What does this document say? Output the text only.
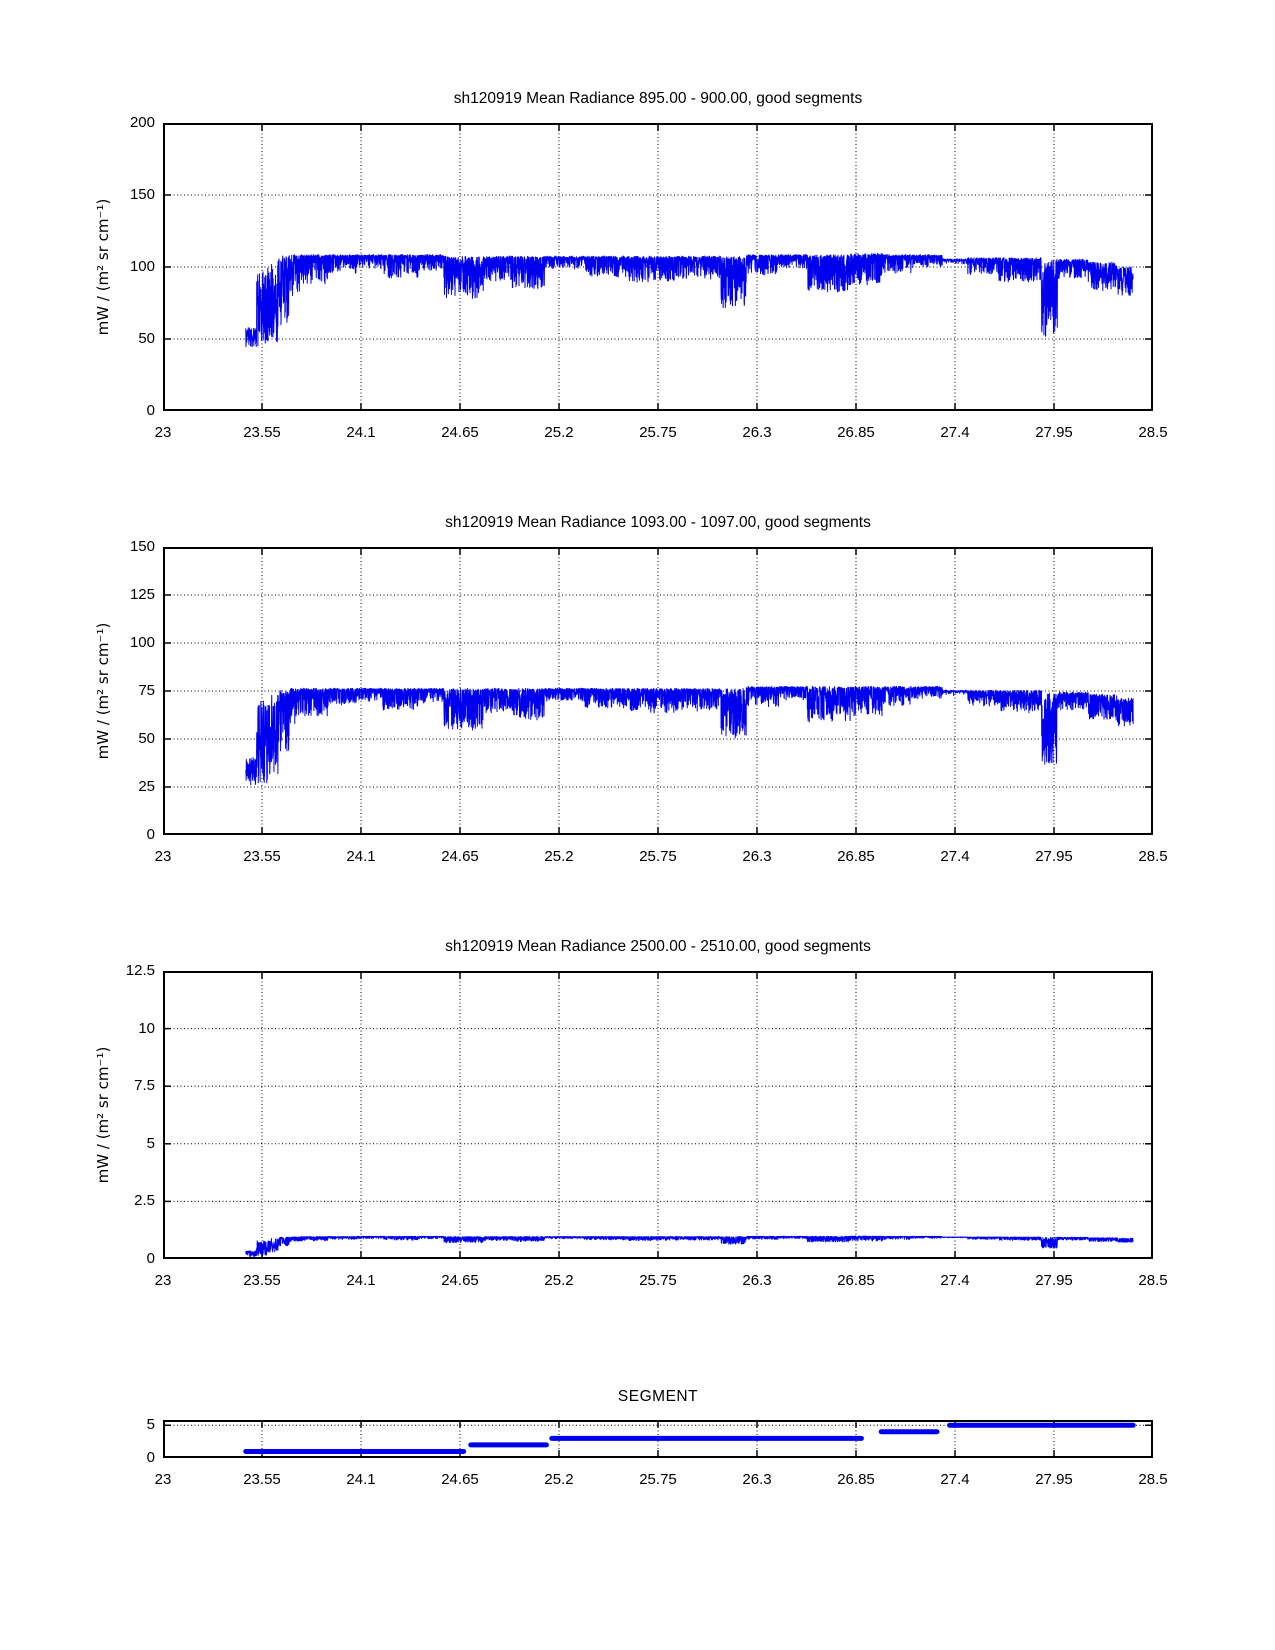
sh120919 Mean Radiance 895.00 - 900.00, good segments
mW / (m² sr cm⁻¹)
sh120919 Mean Radiance 1093.00 - 1097.00, good segments
mW / (m² sr cm⁻¹)
sh120919 Mean Radiance 2500.00 - 2510.00, good segments
mW / (m² sr cm⁻¹)
SEGMENT
23	23.55	24.1	24.65	25.2	25.75	26.3	26.85	27.4	27.95	28.5
0
50
100
150
200
23	23.55	24.1	24.65	25.2	25.75	26.3	26.85	27.4	27.95	28.5
0
25
50
75
100
125
150
23	23.55	24.1	24.65	25.2	25.75	26.3	26.85	27.4	27.95	28.5
0
2.5
5
7.5
10
12.5
23	23.55	24.1	24.65	25.2	25.75	26.3	26.85	27.4	27.95	28.5
0
5
